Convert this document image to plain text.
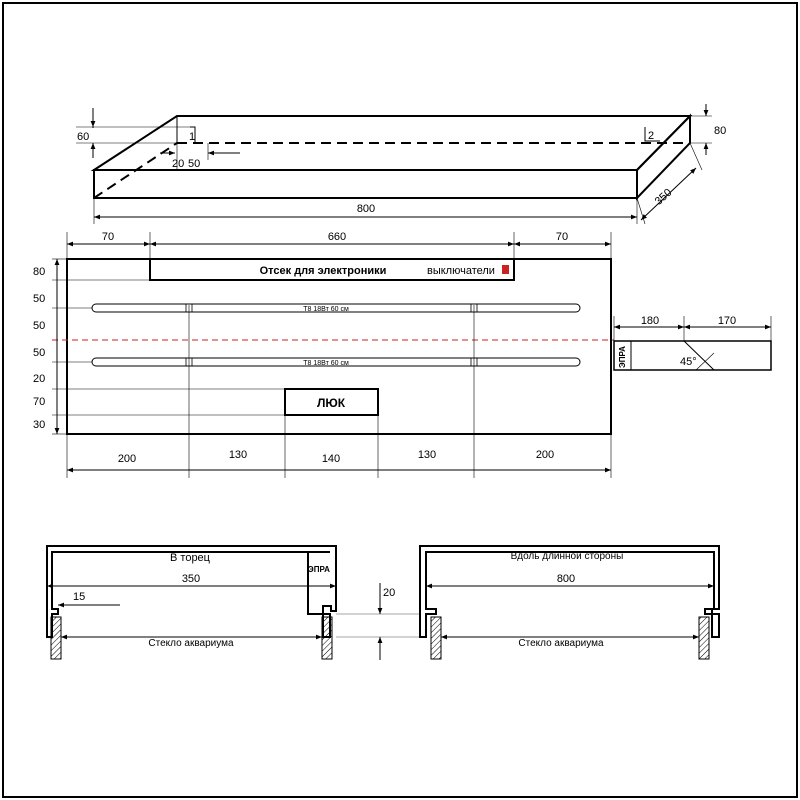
1	2
60
20 50
80
800
350
Отсек для электроники	выключатели
T8 18Вт 60 см
T8 18Вт 60 см
ЛЮК
80
50
50
50
20
70
30
70	660	70
200	130	140	130	200
ЭПРА	45°
180	170
ЭПРА
В торец
350
15
Стекло аквариума
20
Вдоль длинной стороны
800
Стекло аквариума
